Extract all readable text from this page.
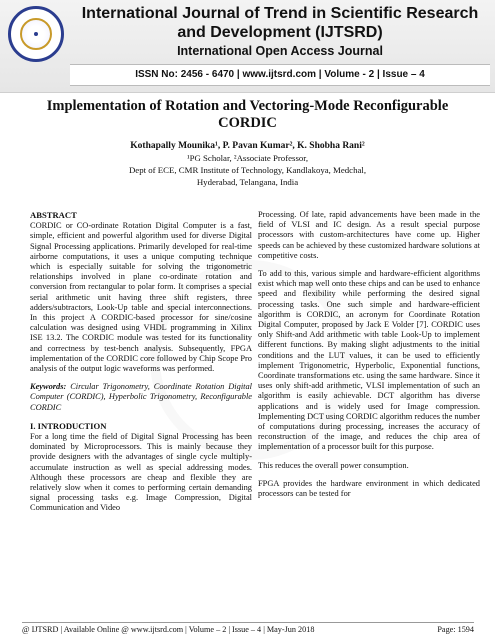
International Journal of Trend in Scientific Research and Development (IJTSRD)
International Open Access Journal
ISSN No: 2456 - 6470 | www.ijtsrd.com | Volume - 2 | Issue – 4
Implementation of Rotation and Vectoring-Mode Reconfigurable CORDIC
Kothapally Mounika¹, P. Pavan Kumar², K. Shobha Rani²
¹PG Scholar, ²Associate Professor,
Dept of ECE, CMR Institute of Technology, Kandlakoya, Medchal,
Hyderabad, Telangana, India
ABSTRACT

CORDIC or CO-ordinate Rotation Digital Computer is a fast, simple, efficient and powerful algorithm used for diverse Digital Signal Processing applications. Primarily developed for real-time airborne computations, it uses a unique computing technique which is especially suitable for solving the trigonometric relationships involved in plane co-ordinate rotation and conversion from rectangular to polar form. It comprises a special serial arithmetic unit having three shift registers, three adders/subtractors, Look-Up table and special interconnections. In this project A CORDIC-based processor for sine/cosine calculation was designed using VHDL programming in Xilinx ISE 13.2. The CORDIC module was tested for its functionality and correctness by test-bench analysis. Subsequently, FPGA implementation of the CORDIC core followed by Chip Scope Pro analysis of the output logic waveforms was performed.

Keywords: Circular Trigonometry, Coordinate Rotation Digital Computer (CORDIC), Hyperbolic Trigonometry, Reconfigurable CORDIC

I. INTRODUCTION

For a long time the field of Digital Signal Processing has been dominated by Microprocessors. This is mainly because they provide designers with the advantages of single cycle multiply-accumulate instruction as well as special addressing modes. Although these processors are cheap and flexible they are relatively slow when it comes to performing certain demanding signal processing tasks e.g. Image Compression, Digital Communication and Video

Processing. Of late, rapid advancements have been made in the field of VLSI and IC design. As a result special purpose processors with custom-architectures have come up. Higher speeds can be achieved by these customized hardware solutions at competitive costs.

To add to this, various simple and hardware-efficient algorithms exist which map well onto these chips and can be used to enhance speed and flexibility while performing the desired signal processing tasks. One such simple and hardware-efficient algorithm is CORDIC, an acronym for Coordinate Rotation Digital Computer, proposed by Jack E Volder [7]. CORDIC uses only Shift-and Add arithmetic with table Look-Up to implement different functions. By making slight adjustments to the initial conditions and the LUT values, it can be used to efficiently implement Trigonometric, Hyperbolic, Exponential functions, Coordinate transformations etc. using the same hardware. Since it uses only shift-add arithmetic, VLSI implementation of such an algorithm is easily achievable. DCT algorithm has diverse applications and is widely used for Image compression. Implementing DCT using CORDIC algorithm reduces the number of computations during processing, increases the accuracy of reconstruction of the image, and reduces the chip area of implementation of a processor built for this purpose.

This reduces the overall power consumption.

FPGA provides the hardware environment in which dedicated processors can be tested for

@ IJTSRD | Available Online @ www.ijtsrd.com | Volume – 2 | Issue – 4 | May-Jun 2018	Page: 1594
